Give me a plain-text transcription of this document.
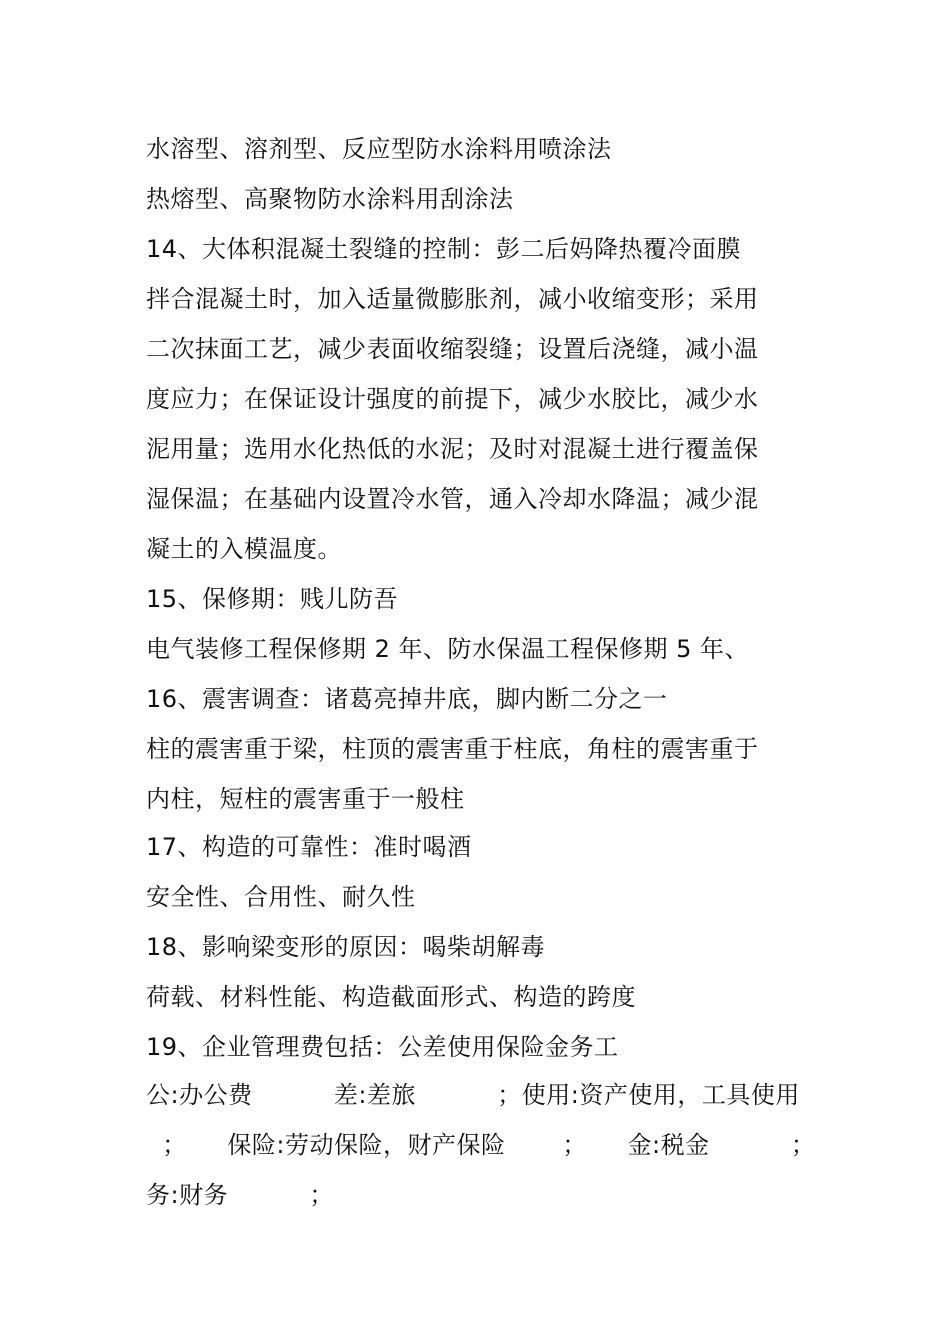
水溶型、溶剂型、反应型防水涂料用喷涂法
热熔型、高聚物防水涂料用刮涂法
14、大体积混凝土裂缝的控制：彭二后妈降热覆冷面膜
拌合混凝土时，加入适量微膨胀剂，减小收缩变形；采用
二次抹面工艺，减少表面收缩裂缝；设置后浇缝，减小温
度应力；在保证设计强度的前提下，减少水胶比，减少水
泥用量；选用水化热低的水泥；及时对混凝土进行覆盖保
湿保温；在基础内设置冷水管，通入冷却水降温；减少混
凝土的入模温度。
15、保修期：贱儿防吾
电气装修工程保修期 2 年、防水保温工程保修期 5 年、
16、震害调查：诸葛亮掉井底，脚内断二分之一
柱的震害重于梁，柱顶的震害重于柱底，角柱的震害重于
内柱，短柱的震害重于一般柱
17、构造的可靠性：准时喝酒
安全性、合用性、耐久性
18、影响梁变形的原因：喝柴胡解毒
荷载、材料性能、构造截面形式、构造的跨度
19、企业管理费包括：公差使用保险金务工
公:办公费          差:差旅          ；使用:资产使用，工具使用
；     保险:劳动保险，财产保险       ；     金:税金          ；
务:财务          ；
